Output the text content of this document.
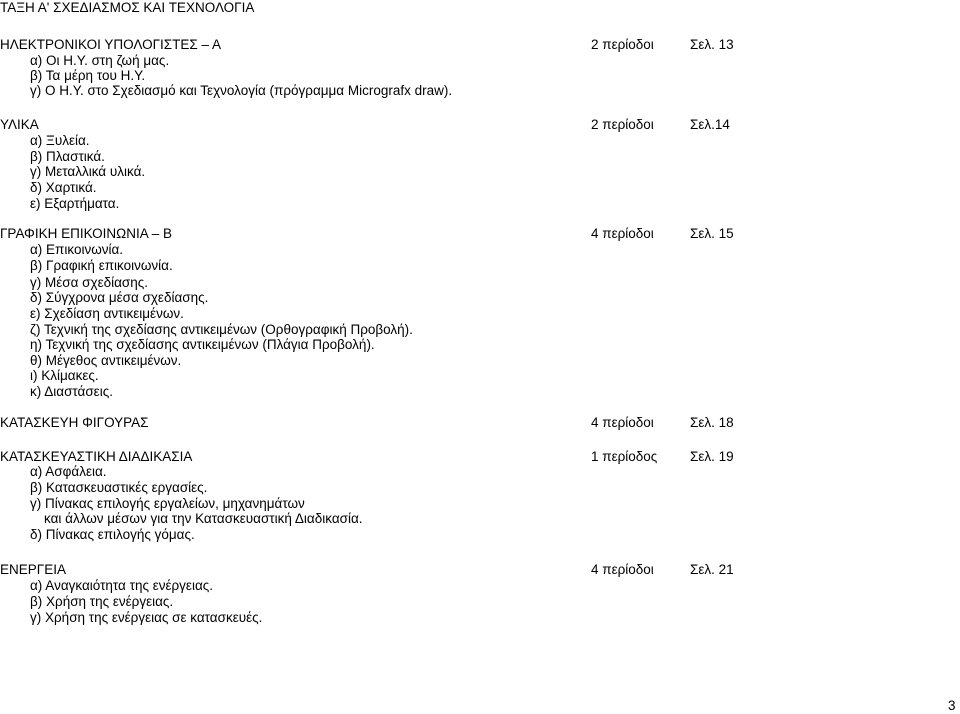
ΤΑΞΗ Α' ΣΧΕΔΙΑΣΜΟΣ ΚΑΙ ΤΕΧΝΟΛΟΓΙΑ
ΗΛΕΚΤΡΟΝΙΚΟΙ ΥΠΟΛΟΓΙΣΤΕΣ – Α	2 περίοδοι	Σελ. 13
α) Οι Η.Υ. στη ζωή μας.
β) Τα μέρη του Η.Υ.
γ) Ο Η.Υ. στο Σχεδιασμό και Τεχνολογία (πρόγραμμα Micrografx draw).
ΥΛΙΚΑ	2 περίοδοι	Σελ.14
α) Ξυλεία.
β) Πλαστικά.
γ) Μεταλλικά υλικά.
δ) Χαρτικά.
ε) Εξαρτήματα.
ΓΡΑΦΙΚΗ ΕΠΙΚΟΙΝΩΝΙΑ – Β	4 περίοδοι	Σελ. 15
α) Επικοινωνία.
β) Γραφική επικοινωνία.
γ) Μέσα σχεδίασης.
δ) Σύγχρονα μέσα σχεδίασης.
ε) Σχεδίαση αντικειμένων.
ζ) Τεχνική της σχεδίασης αντικειμένων (Ορθογραφική Προβολή).
η) Τεχνική της σχεδίασης αντικειμένων (Πλάγια Προβολή).
θ) Μέγεθος αντικειμένων.
ι) Κλίμακες.
κ) Διαστάσεις.
ΚΑΤΑΣΚΕΥΗ ΦΙΓΟΥΡΑΣ	4 περίοδοι	Σελ. 18
ΚΑΤΑΣΚΕΥΑΣΤΙΚΗ ΔΙΑΔΙΚΑΣΙΑ	1 περίοδος Σελ. 19
α) Ασφάλεια.
β) Κατασκευαστικές εργασίες.
γ) Πίνακας επιλογής εργαλείων, μηχανημάτων
και άλλων μέσων για την Κατασκευαστική Διαδικασία.
δ) Πίνακας επιλογής γόμας.
ΕΝΕΡΓΕΙΑ	4 περίοδοι	Σελ. 21
α) Αναγκαιότητα της ενέργειας.
β) Χρήση της ενέργειας.
γ) Χρήση της ενέργειας σε κατασκευές.
3
